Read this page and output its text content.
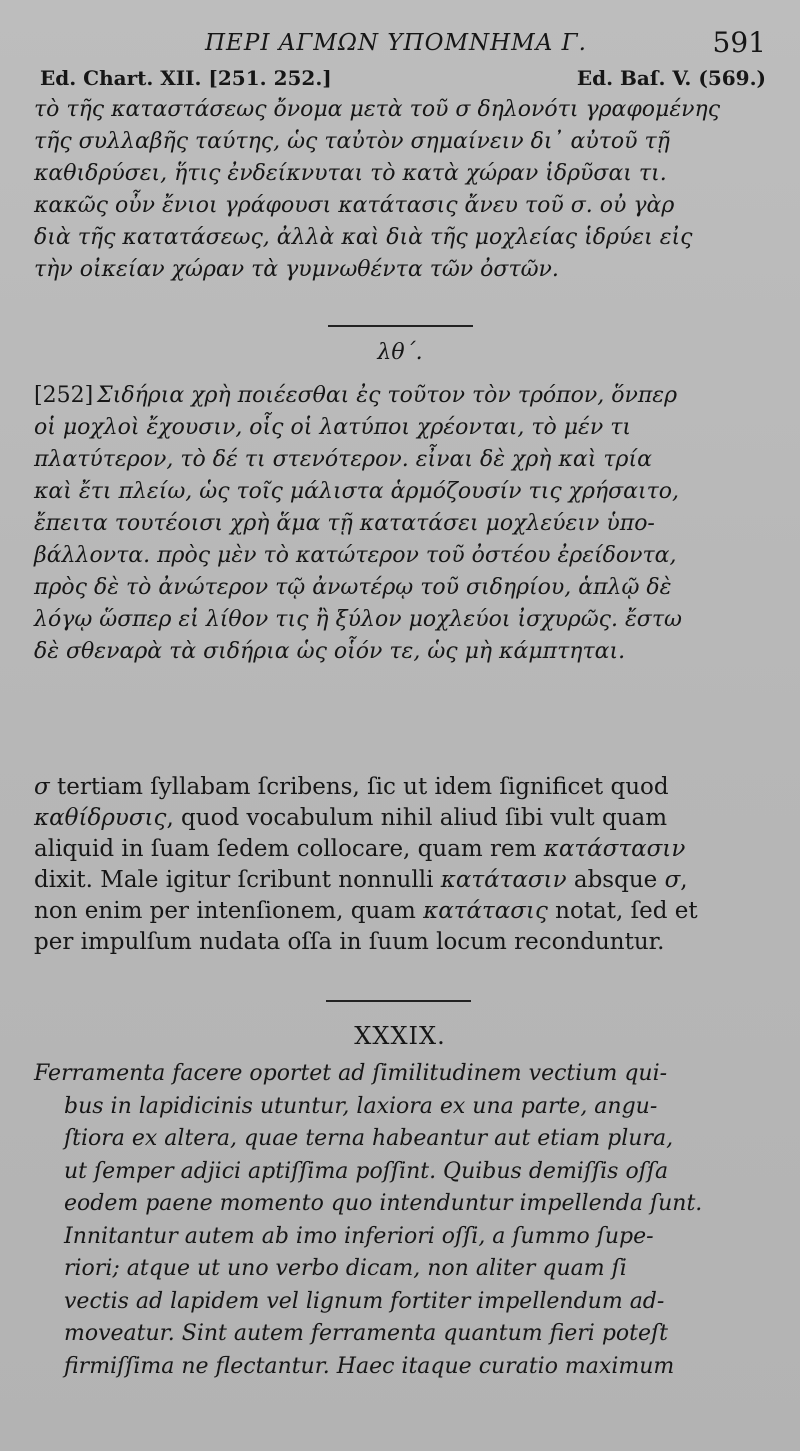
ΠΕΡΙ ΑΓΜΩΝ ΥΠΟΜΝΗΜΑ Γ.	591
Ed. Chart. XII. [251. 252.]	Ed. Baſ. V. (569.)
τὸ τῆς καταστάσεως ὄνομα μετὰ τοῦ σ δηλονότι γραφομένης
τῆς συλλαβῆς ταύτης, ὡς ταὐτὸν σημαίνειν δι᾽ αὐτοῦ τῇ
καθιδρύσει, ἥτις ἐνδείκνυται τὸ κατὰ χώραν ἱδρῦσαι τι.
κακῶς οὖν ἔνιοι γράφουσι κατάτασις ἄνευ τοῦ σ. οὐ γὰρ
διὰ τῆς κατατάσεως, ἀλλὰ καὶ διὰ τῆς μοχλείας ἱδρύει εἰς
τὴν οἰκείαν χώραν τὰ γυμνωθέντα τῶν ὀστῶν.
λθ΄.
[252] Σιδήρια χρὴ ποιέεσθαι ἐς τοῦτον τὸν τρόπον, ὅνπερ
οἱ μοχλοὶ ἔχουσιν, οἷς οἱ λατύποι χρέονται, τὸ μέν τι
πλατύτερον, τὸ δέ τι στενότερον. εἶναι δὲ χρὴ καὶ τρία
καὶ ἔτι πλείω, ὡς τοῖς μάλιστα ἁρμόζουσίν τις χρήσαιτο,
ἔπειτα τουτέοισι χρὴ ἅμα τῇ κατατάσει μοχλεύειν ὑπο-
βάλλοντα. πρὸς μὲν τὸ κατώτερον τοῦ ὀστέου ἐρείδοντα,
πρὸς δὲ τὸ ἀνώτερον τῷ ἀνωτέρῳ τοῦ σιδηρίου, ἁπλῷ δὲ
λόγῳ ὥσπερ εἰ λίθον τις ἢ ξύλον μοχλεύοι ἰσχυρῶς. ἔστω
δὲ σθεναρὰ τὰ σιδήρια ὡς οἷόν τε, ὡς μὴ κάμπτηται.
σ tertiam ſyllabam ſcribens, ſic ut idem ſignificet quod
καθίδρυσις, quod vocabulum nihil aliud ſibi vult quam
aliquid in ſuam ſedem collocare, quam rem κατάστασιν
dixit. Male igitur ſcribunt nonnulli κατάτασιν absque σ,
non enim per intenſionem, quam κατάτασις notat, ſed et
per impulſum nudata oſſa in ſuum locum reconduntur.
XXXIX.
Ferramenta facere oportet ad ſimilitudinem vectium qui-
bus in lapidicinis utuntur, laxiora ex una parte, angu-
ſtiora ex altera, quae terna habeantur aut etiam plura,
ut ſemper adjici aptiſſima poſſint. Quibus demiſſis oſſa
eodem paene momento quo intenduntur impellenda ſunt.
Innitantur autem ab imo inferiori oſſi, a ſummo ſupe-
riori; atque ut uno verbo dicam, non aliter quam ſi
vectis ad lapidem vel lignum fortiter impellendum ad-
moveatur. Sint autem ferramenta quantum fieri poteſt
firmiſſima ne flectantur. Haec itaque curatio maximum
